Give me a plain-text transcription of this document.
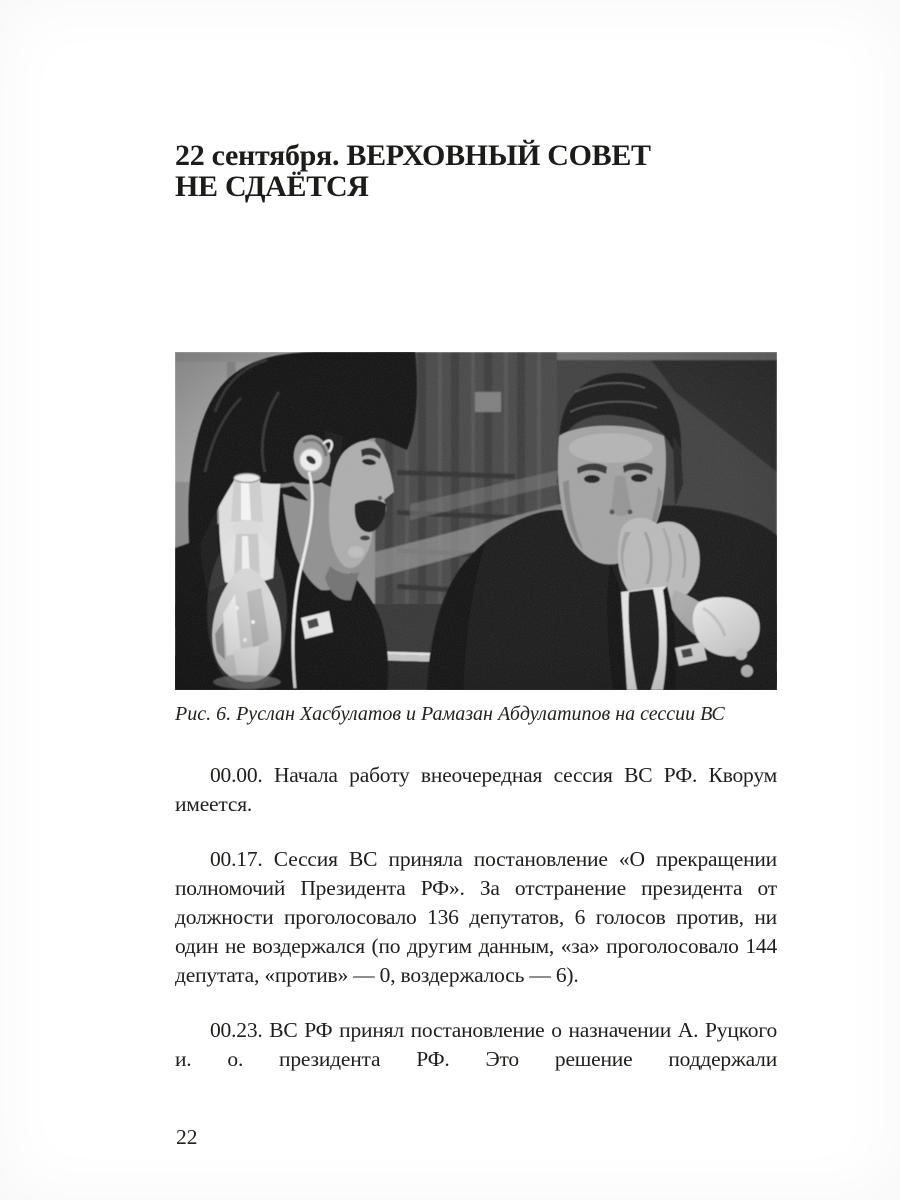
22 сентября. ВЕРХОВНЫЙ СОВЕТ
НЕ СДАЁТСЯ
Рис. 6. Руслан Хасбулатов и Рамазан Абдулатипов на сессии ВС

00.00. Начала работу внеочередная сессия ВС РФ. Кворум имеется.

00.17. Сессия ВС приняла постановление «О прекращении полномочий Президента РФ». За отстранение президента от должности проголосовало 136 депутатов, 6 голосов против, ни один не воздержался (по другим данным, «за» проголосовало 144 депутата, «против» — 0, воздержалось — 6).

00.23. ВС РФ принял постановление о назначении А. Руцкого и. о. президента РФ. Это решение поддержали

22
